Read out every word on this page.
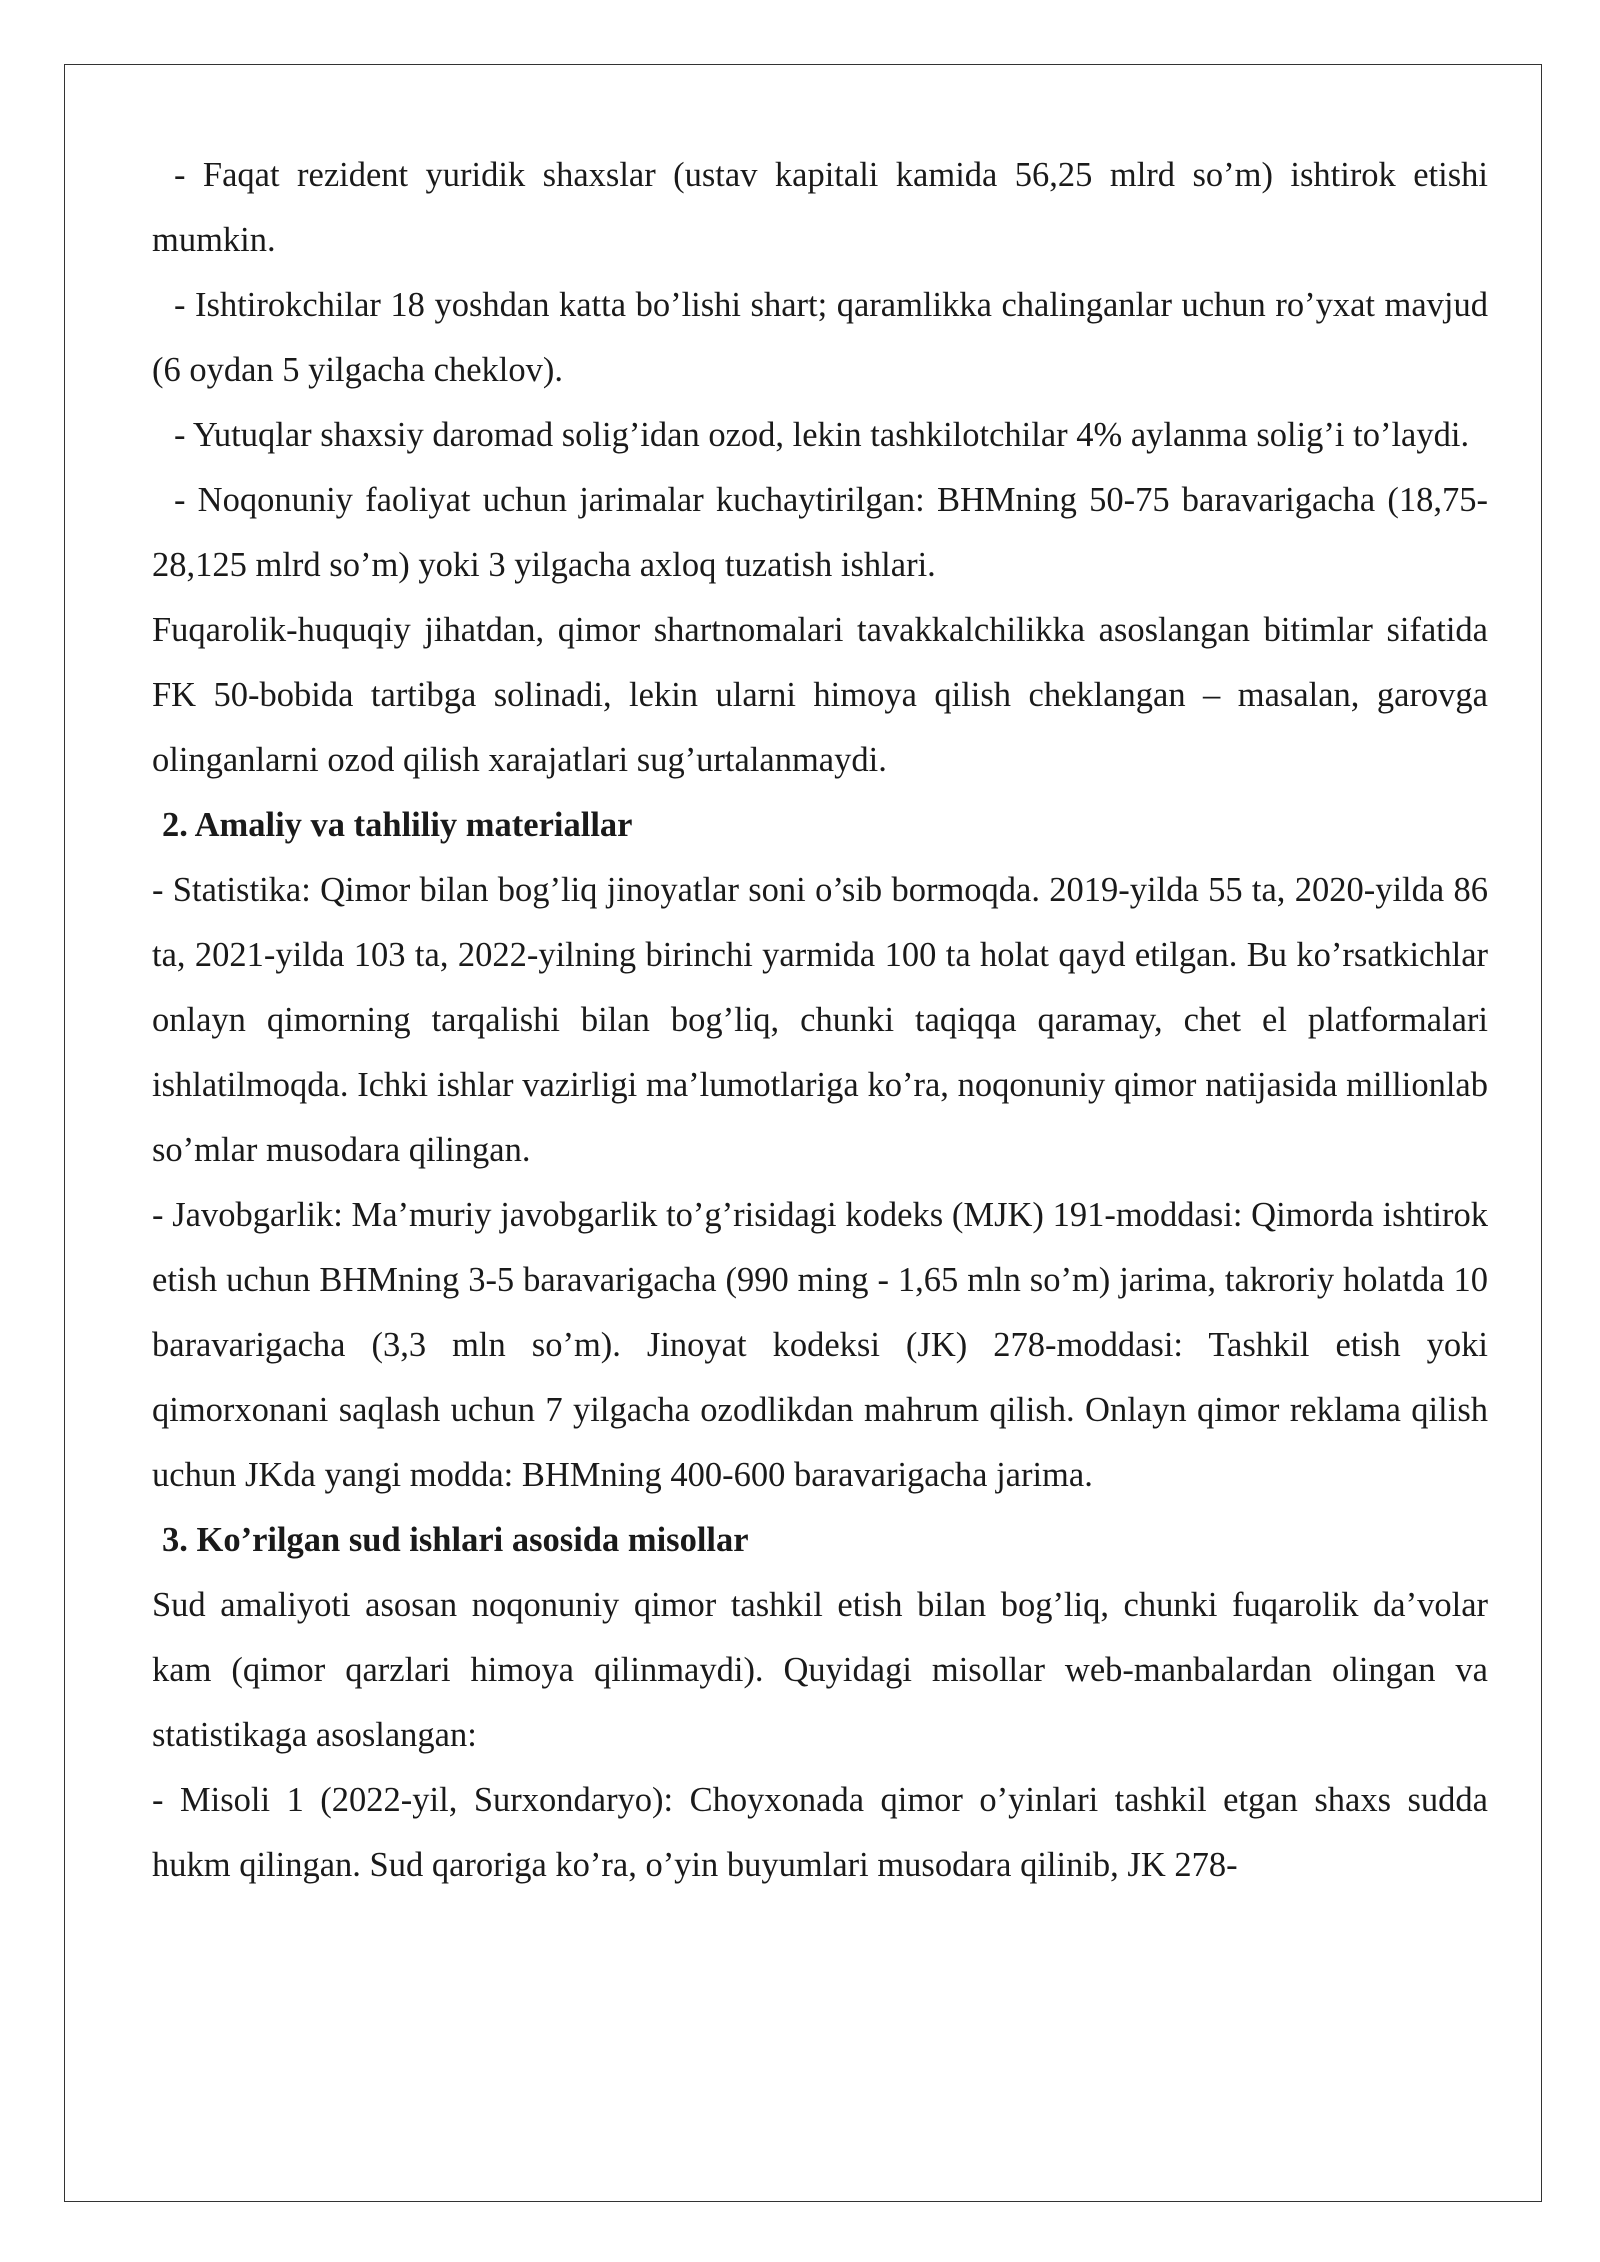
- Faqat rezident yuridik shaxslar (ustav kapitali kamida 56,25 mlrd so’m) ishtirok etishi mumkin.

- Ishtirokchilar 18 yoshdan katta bo’lishi shart; qaramlikka chalinganlar uchun ro’yxat mavjud (6 oydan 5 yilgacha cheklov).

- Yutuqlar shaxsiy daromad solig’idan ozod, lekin tashkilotchilar 4% aylanma solig’i to’laydi.

- Noqonuniy faoliyat uchun jarimalar kuchaytirilgan: BHMning 50-75 baravarigacha (18,75-28,125 mlrd so’m) yoki 3 yilgacha axloq tuzatish ishlari.

Fuqarolik-huquqiy jihatdan, qimor shartnomalari tavakkalchilikka asoslangan bitimlar sifatida FK 50-bobida tartibga solinadi, lekin ularni himoya qilish cheklangan – masalan, garovga olinganlarni ozod qilish xarajatlari sug’urtalanmaydi.

2. Amaliy va tahliliy materiallar

- Statistika: Qimor bilan bog’liq jinoyatlar soni o’sib bormoqda. 2019-yilda 55 ta, 2020-yilda 86 ta, 2021-yilda 103 ta, 2022-yilning birinchi yarmida 100 ta holat qayd etilgan. Bu ko’rsatkichlar onlayn qimorning tarqalishi bilan bog’liq, chunki taqiqqa qaramay, chet el platformalari ishlatilmoqda. Ichki ishlar vazirligi ma’lumotlariga ko’ra, noqonuniy qimor natijasida millionlab so’mlar musodara qilingan.

- Javobgarlik: Ma’muriy javobgarlik to’g’risidagi kodeks (MJK) 191-moddasi: Qimorda ishtirok etish uchun BHMning 3-5 baravarigacha (990 ming - 1,65 mln so’m) jarima, takroriy holatda 10 baravarigacha (3,3 mln so’m). Jinoyat kodeksi (JK) 278-moddasi: Tashkil etish yoki qimorxonani saqlash uchun 7 yilgacha ozodlikdan mahrum qilish. Onlayn qimor reklama qilish uchun JKda yangi modda: BHMning 400-600 baravarigacha jarima.

3. Ko’rilgan sud ishlari asosida misollar

Sud amaliyoti asosan noqonuniy qimor tashkil etish bilan bog’liq, chunki fuqarolik da’volar kam (qimor qarzlari himoya qilinmaydi). Quyidagi misollar web-manbalardan olingan va statistikaga asoslangan:

- Misoli 1 (2022-yil, Surxondaryo): Choyxonada qimor o’yinlari tashkil etgan shaxs sudda hukm qilingan. Sud qaroriga ko’ra, o’yin buyumlari musodara qilinib, JK 278-
